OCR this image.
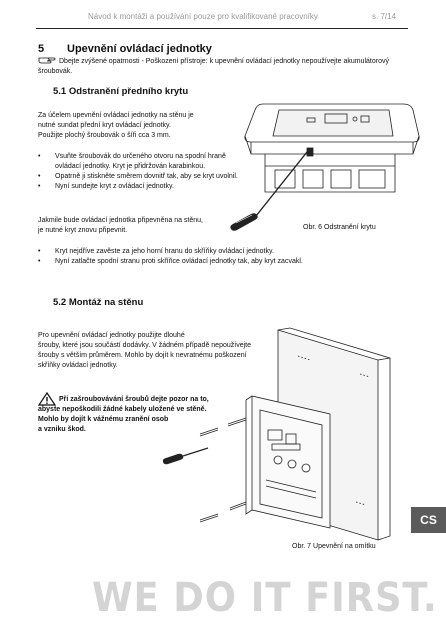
Návod k montáži a používání pouze pro kvalifikované pracovníky	s. 7/14
5 Upevnění ovládací jednotky
Dbejte zvýšené opatrnosti - Poškození přístroje: k upevnění ovládací jednotky nepoužívejte akumulátorový šroubovák.
5.1 Odstranění předního krytu
Za účelem upevnění ovládací jednotky na stěnu je
nutné sundat přední kryt ovládací jednotky.
Použijte plochý šroubovák o šíři cca 3 mm.
• Vsuňte šroubovák do určeného otvoru na spodní hraně ovládací jednotky. Kryt je přidržován karabinkou.
• Opatrně ji stiskněte směrem dovnitř tak, aby se kryt uvolnil.
• Nyní sundejte kryt z ovládací jednotky.
Jakmile bude ovládací jednotka připevněna na stěnu,
je nutné kryt znovu připevnit.	Obr. 6 Odstranění krytu
• Kryt nejdříve zavěste za jeho horní hranu do skříňky ovládací jednotky.
• Nyní zatlačte spodní stranu proti skříňce ovládací jednotky tak, aby kryt zacvakl.
5.2 Montáž na stěnu
Pro upevnění ovládací jednotky použijte dlouhé
šrouby, které jsou součástí dodávky. V žádném případě nepoužívejte
šrouby s větším průměrem. Mohlo by dojít k nevratnému poškození
skříňky ovládací jednotky.
Při zašroubovávání šroubů dejte pozor na to,
abyste nepoškodili žádné kabely uložené ve stěně.
Mohlo by dojít k vážnému zranění osob
a vzniku škod.
Obr. 7 Upevnění na omítku
CS
WE DO IT FIRST.
